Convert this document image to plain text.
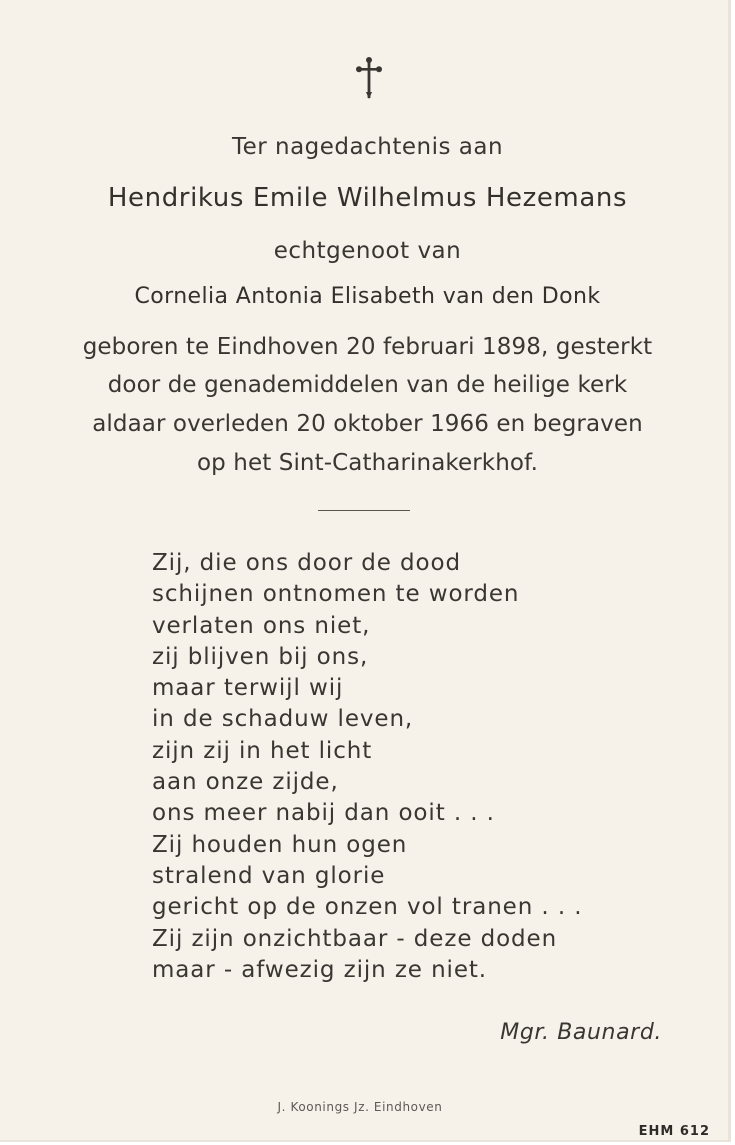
Ter nagedachtenis aan
Hendrikus Emile Wilhelmus Hezemans
echtgenoot van
Cornelia Antonia Elisabeth van den Donk
geboren te Eindhoven 20 februari 1898, gesterkt
door de genademiddelen van de heilige kerk
aldaar overleden 20 oktober 1966 en begraven
op het Sint-Catharinakerkhof.
Zij, die ons door de dood
schijnen ontnomen te worden
verlaten ons niet,
zij blijven bij ons,
maar terwijl wij
in de schaduw leven,
zijn zij in het licht
aan onze zijde,
ons meer nabij dan ooit . . .
Zij houden hun ogen
stralend van glorie
gericht op de onzen vol tranen . . .
Zij zijn onzichtbaar - deze doden
maar - afwezig zijn ze niet.
Mgr. Baunard.
J. Koonings Jz. Eindhoven
EHM 612
